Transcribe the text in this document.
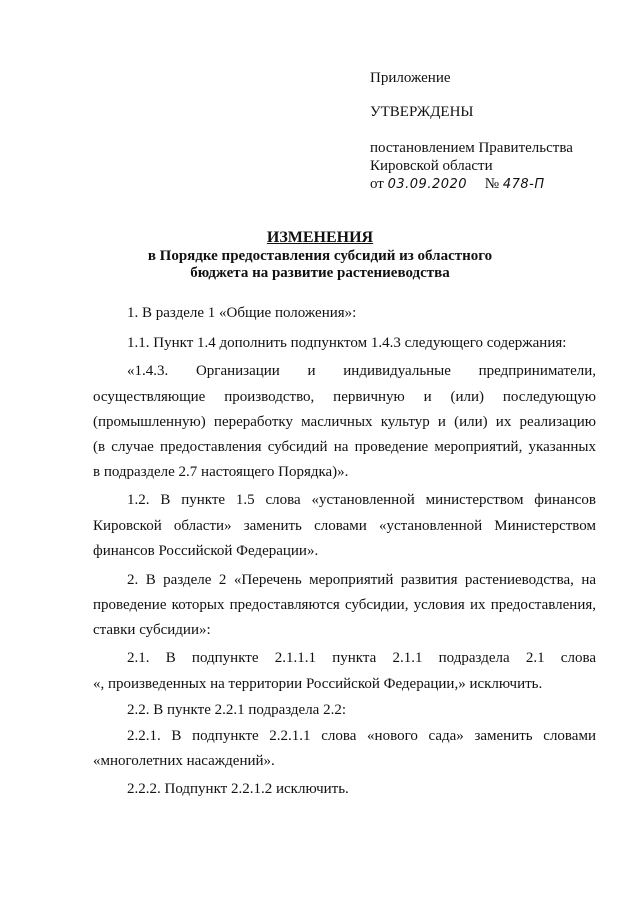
Приложение
УТВЕРЖДЕНЫ
постановлением Правительства
Кировской области
от 03.09.2020 № 478-П
ИЗМЕНЕНИЯ
в Порядке предоставления субсидий из областного
бюджета на развитие растениеводства
1. В разделе 1 «Общие положения»:
1.1. Пункт 1.4 дополнить подпунктом 1.4.3 следующего содержания:
«1.4.3. Организации и индивидуальные предприниматели,
осуществляющие производство, первичную и (или) последующую
(промышленную) переработку масличных культур и (или) их реализацию
(в случае предоставления субсидий на проведение мероприятий, указанных
в подразделе 2.7 настоящего Порядка)».
1.2. В пункте 1.5 слова «установленной министерством финансов
Кировской области» заменить словами «установленной Министерством
финансов Российской Федерации».
2. В разделе 2 «Перечень мероприятий развития растениеводства, на
проведение которых предоставляются субсидии, условия их предоставления,
ставки субсидии»:
2.1. В подпункте 2.1.1.1 пункта 2.1.1 подраздела 2.1 слова
«, произведенных на территории Российской Федерации,» исключить.
2.2. В пункте 2.2.1 подраздела 2.2:
2.2.1. В подпункте 2.2.1.1 слова «нового сада» заменить словами
«многолетних насаждений».
2.2.2. Подпункт 2.2.1.2 исключить.
